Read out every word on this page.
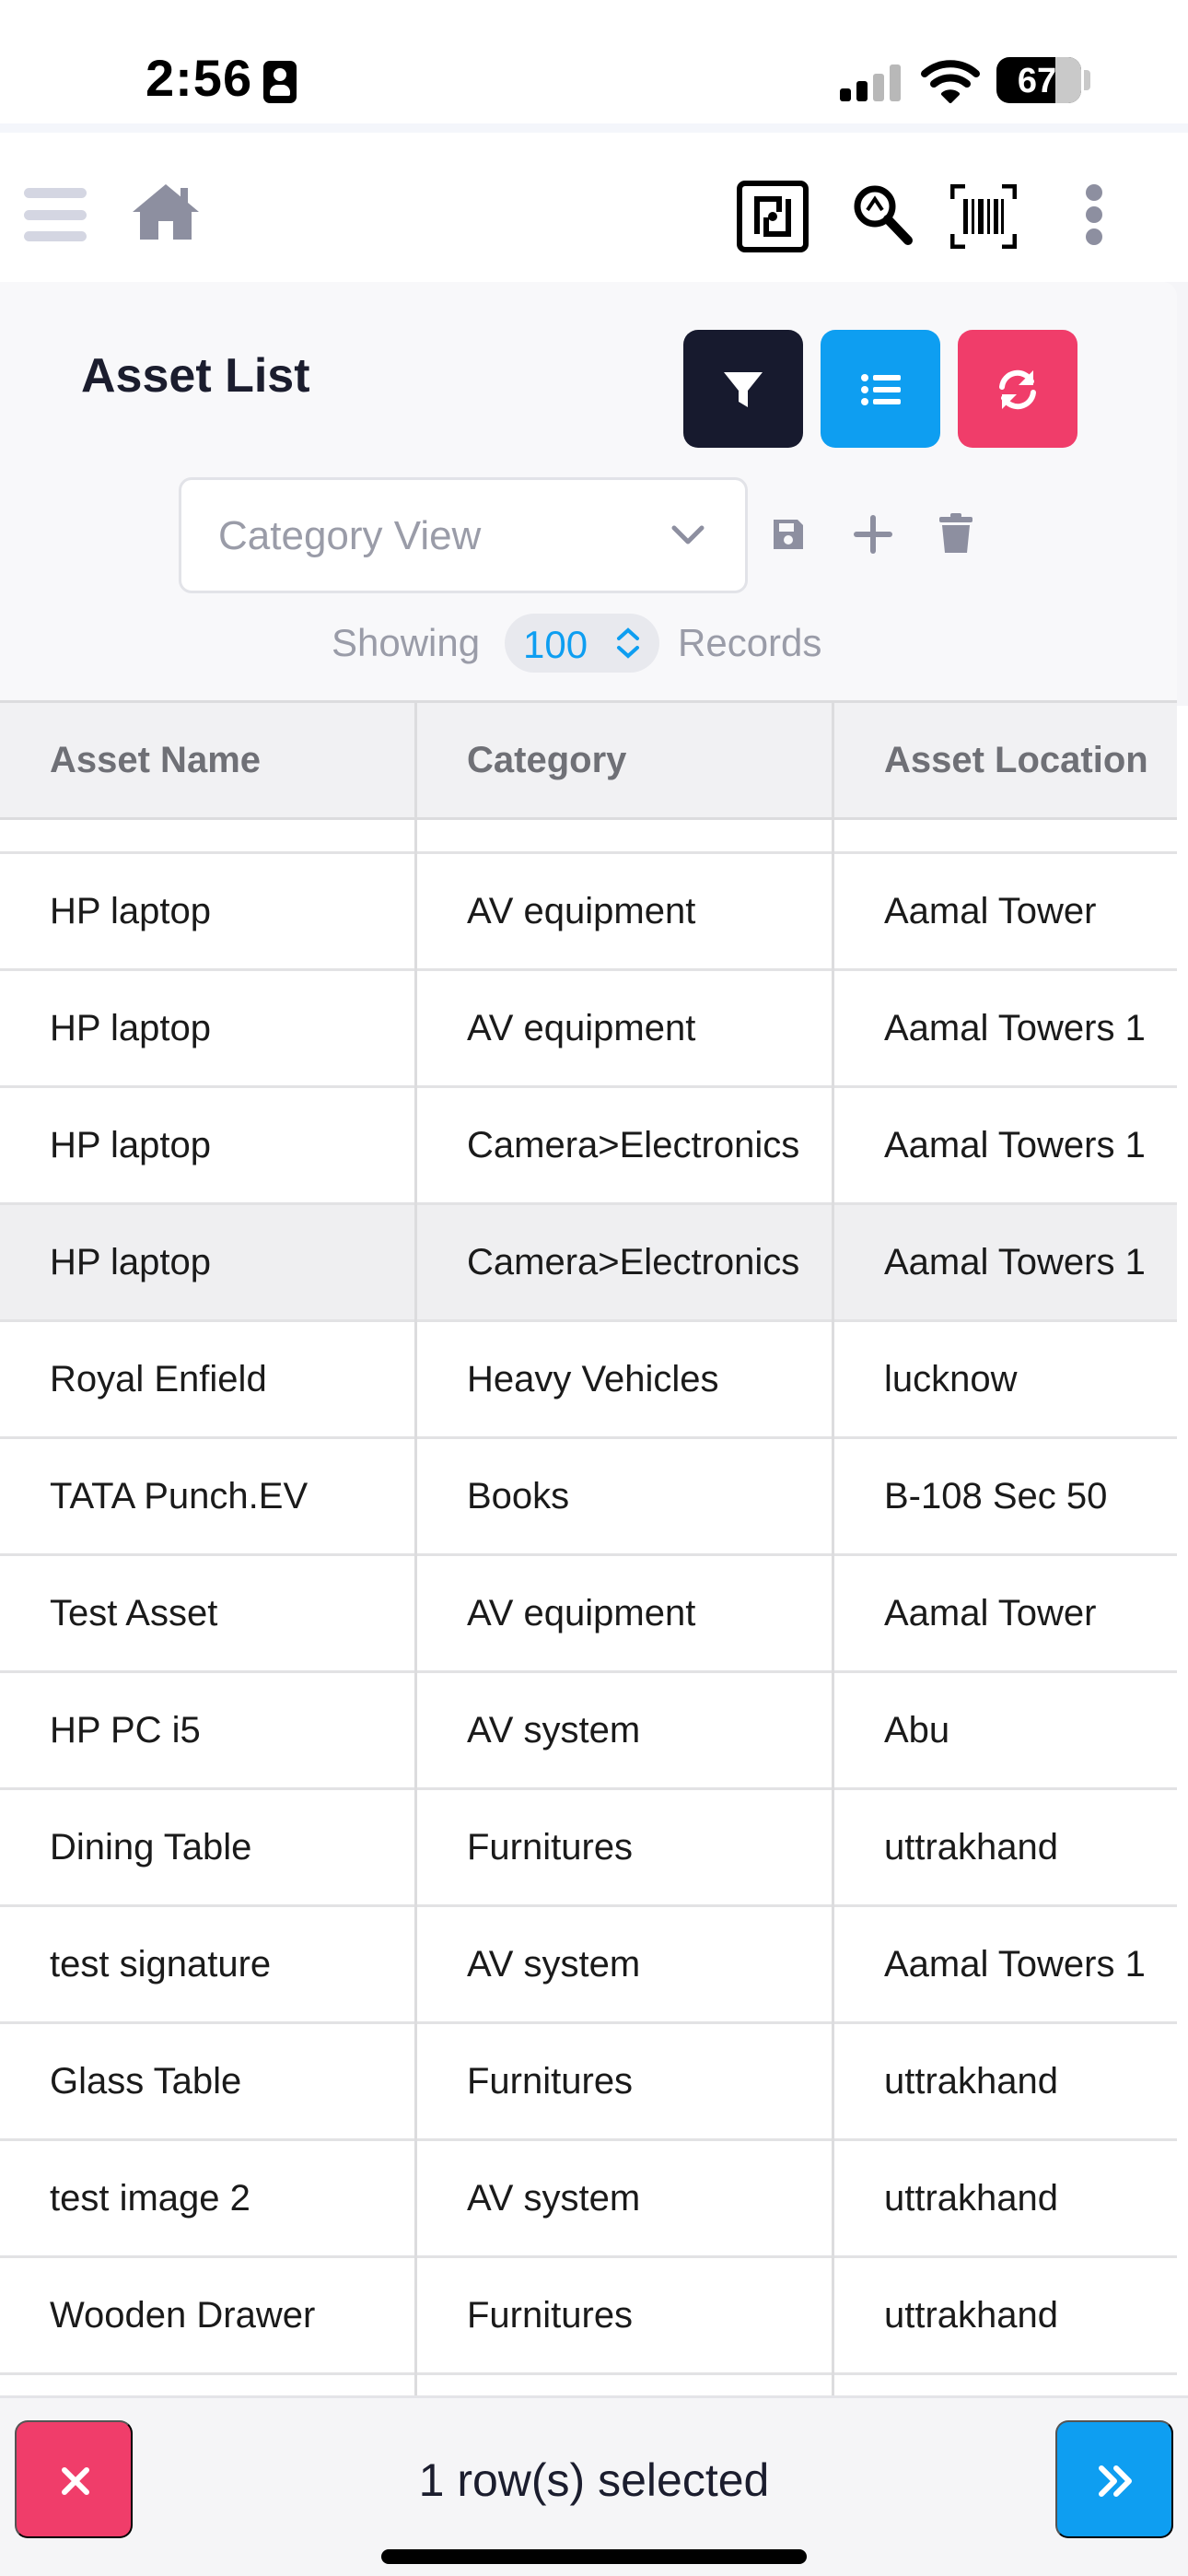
2:56	67
Asset List
Category View
Showing 100 Records
Asset Name	Category	Asset Location
HP laptop	AV equipment	Aamal Tower
HP laptop	AV equipment	Aamal Towers 1
HP laptop	Camera>Electronics	Aamal Towers 1
HP laptop	Camera>Electronics	Aamal Towers 1
Royal Enfield	Heavy Vehicles	lucknow
TATA Punch.EV	Books	B-108 Sec 50
Test Asset	AV equipment	Aamal Tower
HP PC i5	AV system	Abu
Dining Table	Furnitures	uttrakhand
test signature	AV system	Aamal Towers 1
Glass Table	Furnitures	uttrakhand
test image 2	AV system	uttrakhand
Wooden Drawer	Furnitures	uttrakhand
1 row(s) selected
